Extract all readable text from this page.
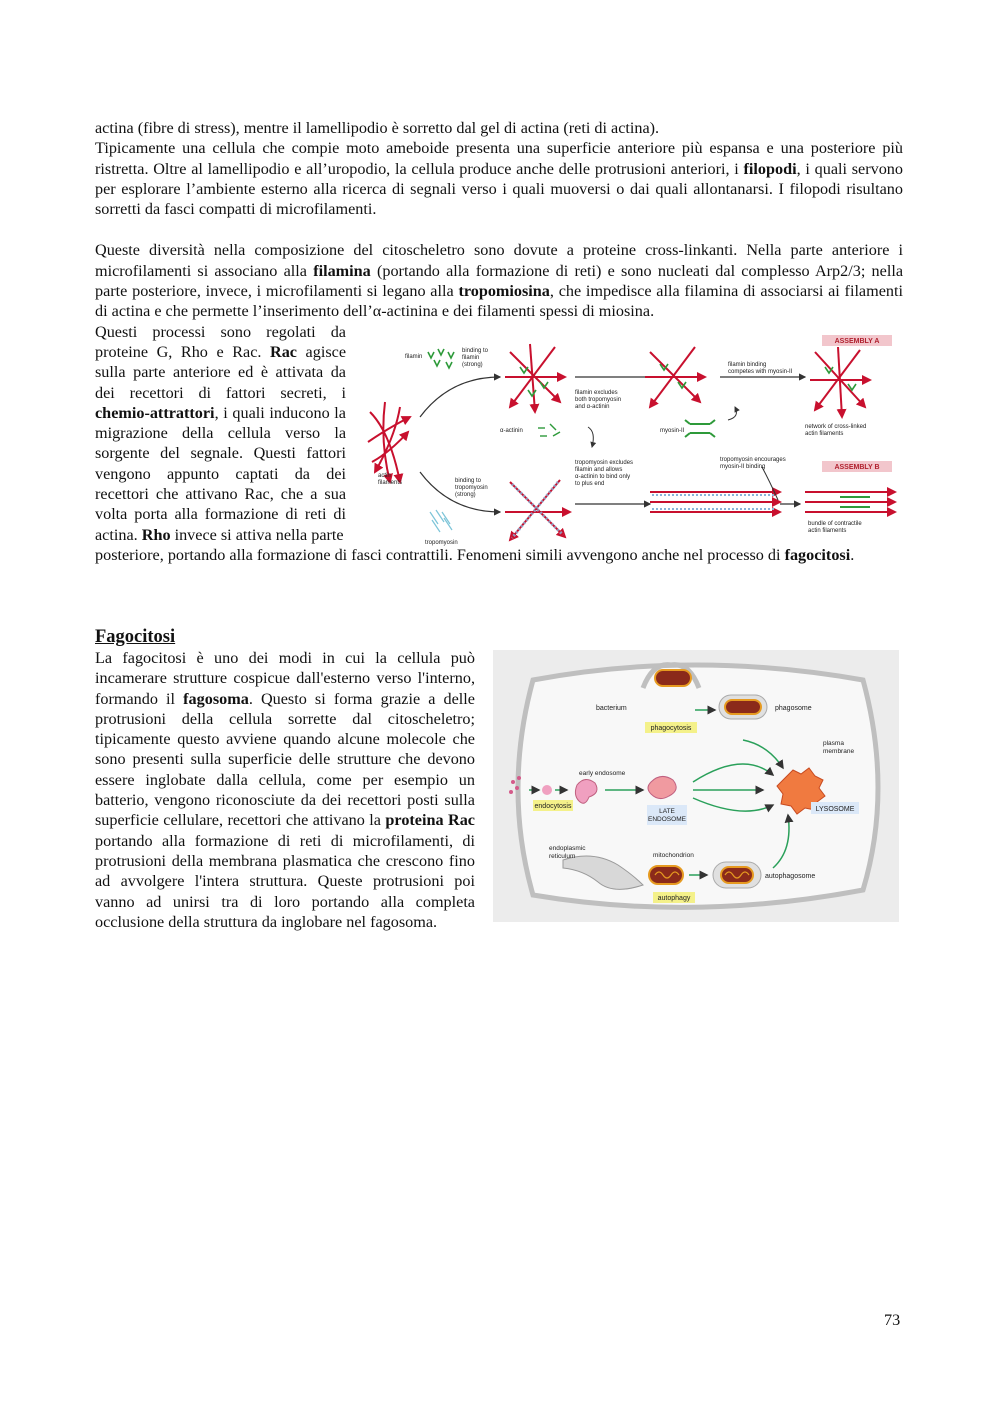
actina (fibre di stress), mentre il lamellipodio è sorretto dal gel di actina (reti di actina).

Tipicamente una cellula che compie moto ameboide presenta una superficie anteriore più espansa e una posteriore più ristretta. Oltre al lamellipodio e all’uropodio, la cellula produce anche delle protrusioni anteriori, i filopodi, i quali servono per esplorare l’ambiente esterno alla ricerca di segnali verso i quali muoversi o dai quali allontanarsi. I filopodi risultano sorretti da fasci compatti di microfilamenti.

Queste diversità nella composizione del citoscheletro sono dovute a proteine cross-linkanti. Nella parte anteriore i microfilamenti si associano alla filamina (portando alla formazione di reti) e sono nucleati dal complesso Arp2/3; nella parte posteriore, invece, i microfilamenti si legano alla tropomiosina, che impedisce alla filamina di associarsi ai filamenti di actina e che permette l’inserimento dell’α-actinina e dei filamenti spessi di miosina.

Questi processi sono regolati da proteine G, Rho e Rac. Rac agisce sulla parte anteriore ed è attivata da dei recettori di fattori secreti, i chemio-attrattori, i quali inducono la migrazione della cellula verso la sorgente del segnale. Questi fattori vengono appunto captati da dei recettori che attivano Rac, che a sua volta porta alla formazione di reti di actina. Rho invece si attiva nella parte

posteriore, portando alla formazione di fasci contrattili. Fenomeni simili avvengono anche nel processo di fagocitosi.

ASSEMBLY A
ASSEMBLY B
actin
filaments
filamin
binding to
filamin
(strong)
filamin excludes
both tropomyosin
and α-actinin
filamin binding
competes with myosin-II
network of cross-linked
actin filaments
α-actinin	myosin-II
binding to
tropomyosin
(strong)
tropomyosin excludes
filamin and allows
α-actinin to bind only
to plus end
tropomyosin encourages
myosin-II binding
bundle of contractile
actin filaments
tropomyosin
Fagocitosi

La fagocitosi è uno dei modi in cui la cellula può incamerare strutture cospicue dall'esterno verso l'interno, formando il fagosoma. Questo si forma grazie a delle protrusioni della cellula sorrette dal citoscheletro; tipicamente questo avviene quando alcune molecole che sono presenti sulla superficie delle strutture che devono essere inglobate dalla cellula, come per esempio un batterio, vengono riconosciute da dei recettori posti sulla superficie cellulare, recettori che attivano la proteina Rac portando alla formazione di reti di microfilamenti, di protrusioni della membrana plasmatica che crescono fino ad avvolgere l'intera struttura. Queste protrusioni poi vanno ad unirsi tra di loro portando alla completa occlusione della struttura da inglobare nel fagosoma.

bacterium	phagosome
phagocytosis
plasma
membrane
early endosome
endocytosis
LATE
ENDOSOME
LYSOSOME
endoplasmic
reticulum	mitochondrion
autophagosome
autophagy
73
